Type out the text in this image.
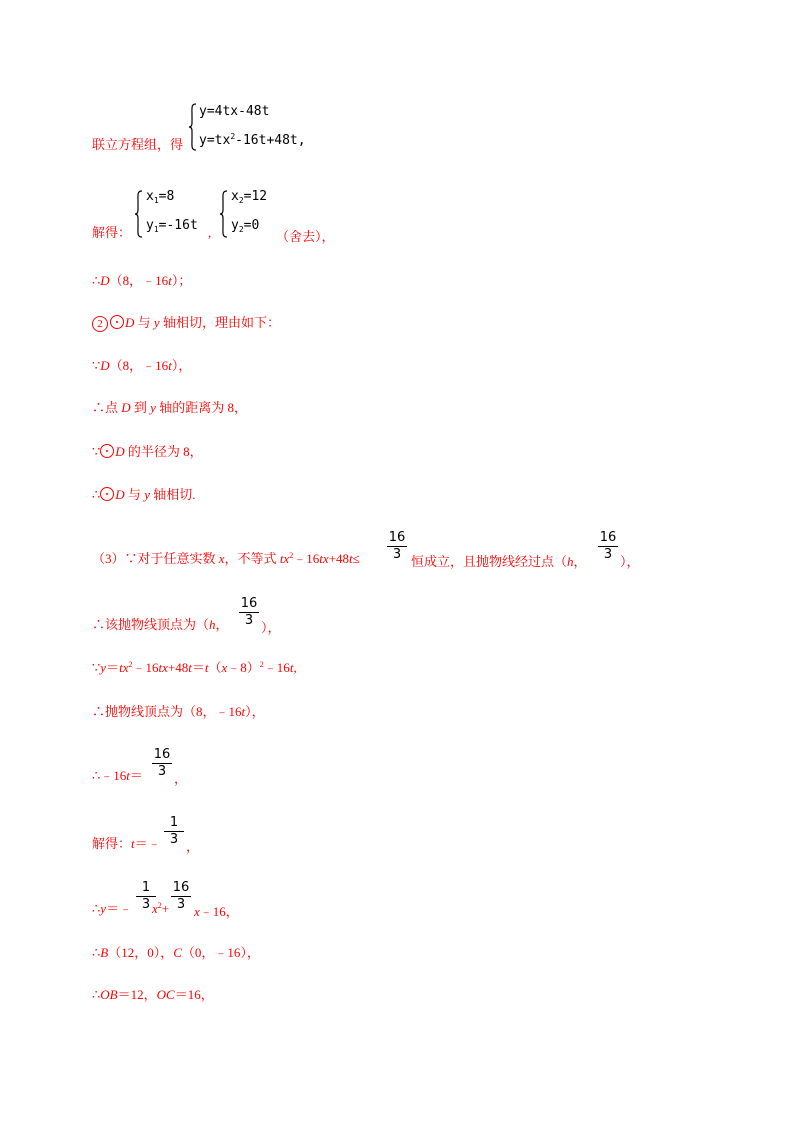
y=4tx-48t
$y=tx^2-16t+48t$,
联立方程组，得
解得：
$x_1=8$
$y_1=-16t$ ,
$x_2=12$
$y_2=0$
（舍去），
∴D（8，﹣16t）；
2 D 与 y 轴相切，理由如下：
∵D（8，﹣16t），
∴点 D 到 y 轴的距离为 8，
∵ D 的半径为 8，
∴ D 与 y 轴相切.
（3）∵对于任意实数 x，不等式 $tx^2﹣16tx+48t\le$
16
3 恒成立，且抛物线经过点（h，
16
3 ），
∴该抛物线顶点为（h，
16
3 ），
$\because y=tx^2﹣16tx+48t=t(x﹣8)^2﹣16t$,
∴抛物线顶点为（8，﹣16t），
∴﹣16t＝
16
3 ，
解得：t＝﹣
1
3 ，
∴y＝﹣
1
3 $x^2+$
16
3 x﹣16，
∴B（12，0），C（0，﹣16），
∴OB＝12，OC＝16，
